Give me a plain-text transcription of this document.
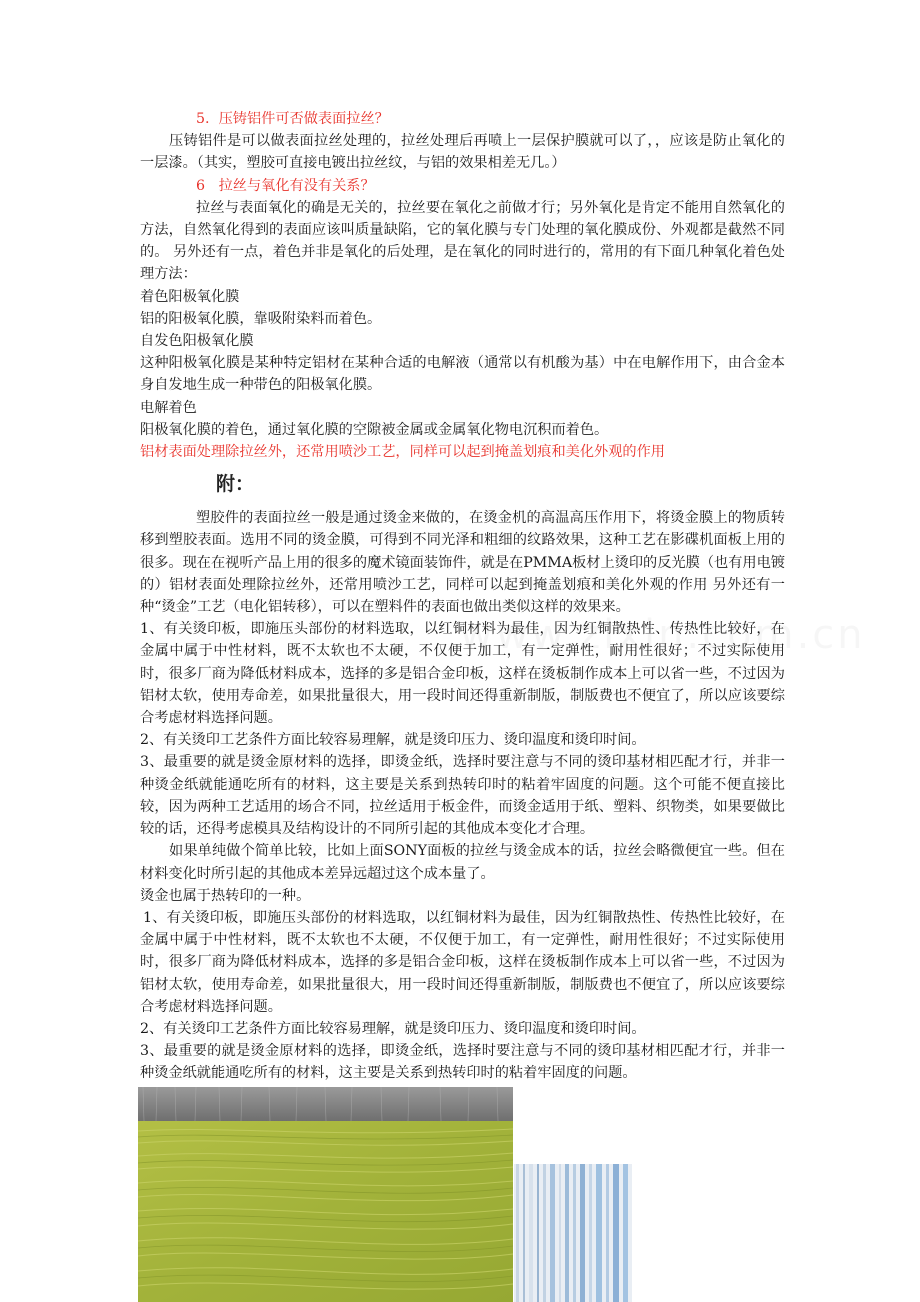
5. 压铸铝件可否做表面拉丝？

压铸铝件是可以做表面拉丝处理的，拉丝处理后再喷上一层保护膜就可以了，，应该是防止氧化的一层漆。（其实，塑胶可直接电镀出拉丝纹，与铝的效果相差无几。）

6 拉丝与氧化有没有关系？

拉丝与表面氧化的确是无关的，拉丝要在氧化之前做才行；另外氧化是肯定不能用自然氧化的方法，自然氧化得到的表面应该叫质量缺陷，它的氧化膜与专门处理的氧化膜成份、外观都是截然不同的。 另外还有一点，着色并非是氧化的后处理，是在氧化的同时进行的，常用的有下面几种氧化着色处理方法：

着色阳极氧化膜

铝的阳极氧化膜，靠吸附染料而着色。

自发色阳极氧化膜

这种阳极氧化膜是某种特定铝材在某种合适的电解液（通常以有机酸为基）中在电解作用下，由合金本身自发地生成一种带色的阳极氧化膜。

电解着色

阳极氧化膜的着色，通过氧化膜的空隙被金属或金属氧化物电沉积而着色。

铝材表面处理除拉丝外，还常用喷沙工艺，同样可以起到掩盖划痕和美化外观的作用

附：

塑胶件的表面拉丝一般是通过烫金来做的，在烫金机的高温高压作用下，将烫金膜上的物质转移到塑胶表面。选用不同的烫金膜，可得到不同光泽和粗细的纹路效果，这种工艺在影碟机面板上用的很多。现在在视听产品上用的很多的魔术镜面装饰件，就是在PMMA板材上烫印的反光膜（也有用电镀的）铝材表面处理除拉丝外，还常用喷沙工艺，同样可以起到掩盖划痕和美化外观的作用 另外还有一种“烫金”工艺（电化铝转移），可以在塑料件的表面也做出类似这样的效果来。

1、有关烫印板，即施压头部份的材料选取，以红铜材料为最佳，因为红铜散热性、传热性比较好，在金属中属于中性材料，既不太软也不太硬，不仅便于加工，有一定弹性，耐用性很好；不过实际使用时，很多厂商为降低材料成本，选择的多是铝合金印板，这样在烫板制作成本上可以省一些，不过因为铝材太软，使用寿命差，如果批量很大，用一段时间还得重新制版，制版费也不便宜了，所以应该要综合考虑材料选择问题。

2、有关烫印工艺条件方面比较容易理解，就是烫印压力、烫印温度和烫印时间。

3、最重要的就是烫金原材料的选择，即烫金纸，选择时要注意与不同的烫印基材相匹配才行，并非一种烫金纸就能通吃所有的材料，这主要是关系到热转印时的粘着牢固度的问题。这个可能不便直接比较，因为两种工艺适用的场合不同，拉丝适用于板金件，而烫金适用于纸、塑料、织物类，如果要做比较的话，还得考虑模具及结构设计的不同所引起的其他成本变化才合理。

如果单纯做个简单比较，比如上面SONY面板的拉丝与烫金成本的话，拉丝会略微便宜一些。但在材料变化时所引起的其他成本差异远超过这个成本量了。

烫金也属于热转印的一种。

1、有关烫印板，即施压头部份的材料选取，以红铜材料为最佳，因为红铜散热性、传热性比较好，在金属中属于中性材料，既不太软也不太硬，不仅便于加工，有一定弹性，耐用性很好；不过实际使用时，很多厂商为降低材料成本，选择的多是铝合金印板，这样在烫板制作成本上可以省一些，不过因为铝材太软，使用寿命差，如果批量很大，用一段时间还得重新制版，制版费也不便宜了，所以应该要综合考虑材料选择问题。

2、有关烫印工艺条件方面比较容易理解，就是烫印压力、烫印温度和烫印时间。

3、最重要的就是烫金原材料的选择，即烫金纸，选择时要注意与不同的烫印基材相匹配才行，并非一种烫金纸就能通吃所有的材料，这主要是关系到热转印时的粘着牢固度的问题。
